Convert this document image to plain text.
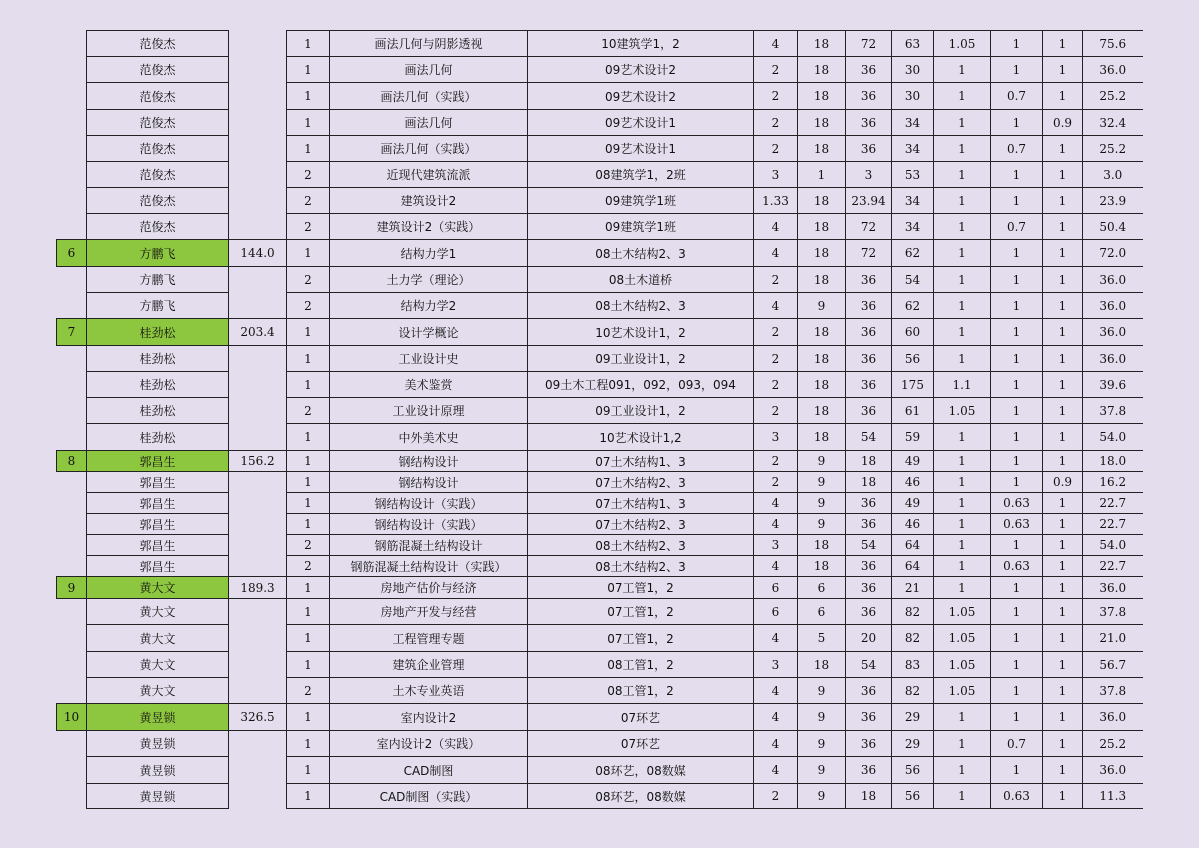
	范俊杰		1	画法几何与阴影透视	10建筑学1，2	4	18	72	63	1.05	1	1	75.6
	范俊杰		1	画法几何	09艺术设计2	2	18	36	30	1	1	1	36.0
	范俊杰		1	画法几何（实践）	09艺术设计2	2	18	36	30	1	0.7	1	25.2
	范俊杰		1	画法几何	09艺术设计1	2	18	36	34	1	1	0.9	32.4
	范俊杰		1	画法几何（实践）	09艺术设计1	2	18	36	34	1	0.7	1	25.2
	范俊杰		2	近现代建筑流派	08建筑学1，2班	3	1	3	53	1	1	1	3.0
	范俊杰		2	建筑设计2	09建筑学1班	1.33	18	23.94	34	1	1	1	23.9
	范俊杰		2	建筑设计2（实践）	09建筑学1班	4	18	72	34	1	0.7	1	50.4
6	方鹏飞	144.0	1	结构力学1	08土木结构2、3	4	18	72	62	1	1	1	72.0
	方鹏飞		2	土力学（理论）	08土木道桥	2	18	36	54	1	1	1	36.0
	方鹏飞		2	结构力学2	08土木结构2、3	4	9	36	62	1	1	1	36.0
7	桂劲松	203.4	1	设计学概论	10艺术设计1，2	2	18	36	60	1	1	1	36.0
	桂劲松		1	工业设计史	09工业设计1，2	2	18	36	56	1	1	1	36.0
	桂劲松		1	美术鉴赏	09土木工程091，092，093，094	2	18	36	175	1.1	1	1	39.6
	桂劲松		2	工业设计原理	09工业设计1，2	2	18	36	61	1.05	1	1	37.8
	桂劲松		1	中外美术史	10艺术设计1,2	3	18	54	59	1	1	1	54.0
8	郭昌生	156.2	1	钢结构设计	07土木结构1、3	2	9	18	49	1	1	1	18.0
	郭昌生		1	钢结构设计	07土木结构2、3	2	9	18	46	1	1	0.9	16.2
	郭昌生		1	钢结构设计（实践）	07土木结构1、3	4	9	36	49	1	0.63	1	22.7
	郭昌生		1	钢结构设计（实践）	07土木结构2、3	4	9	36	46	1	0.63	1	22.7
	郭昌生		2	钢筋混凝土结构设计	08土木结构2、3	3	18	54	64	1	1	1	54.0
	郭昌生		2	钢筋混凝土结构设计（实践）	08土木结构2、3	4	18	36	64	1	0.63	1	22.7
9	黄大文	189.3	1	房地产估价与经济	07工管1，2	6	6	36	21	1	1	1	36.0
	黄大文		1	房地产开发与经营	07工管1，2	6	6	36	82	1.05	1	1	37.8
	黄大文		1	工程管理专题	07工管1，2	4	5	20	82	1.05	1	1	21.0
	黄大文		1	建筑企业管理	08工管1，2	3	18	54	83	1.05	1	1	56.7
	黄大文		2	土木专业英语	08工管1，2	4	9	36	82	1.05	1	1	37.8
10	黄昱锁	326.5	1	室内设计2	07环艺	4	9	36	29	1	1	1	36.0
	黄昱锁		1	室内设计2（实践）	07环艺	4	9	36	29	1	0.7	1	25.2
	黄昱锁		1	CAD制图	08环艺，08数媒	4	9	36	56	1	1	1	36.0
	黄昱锁		1	CAD制图（实践）	08环艺，08数媒	2	9	18	56	1	0.63	1	11.3
